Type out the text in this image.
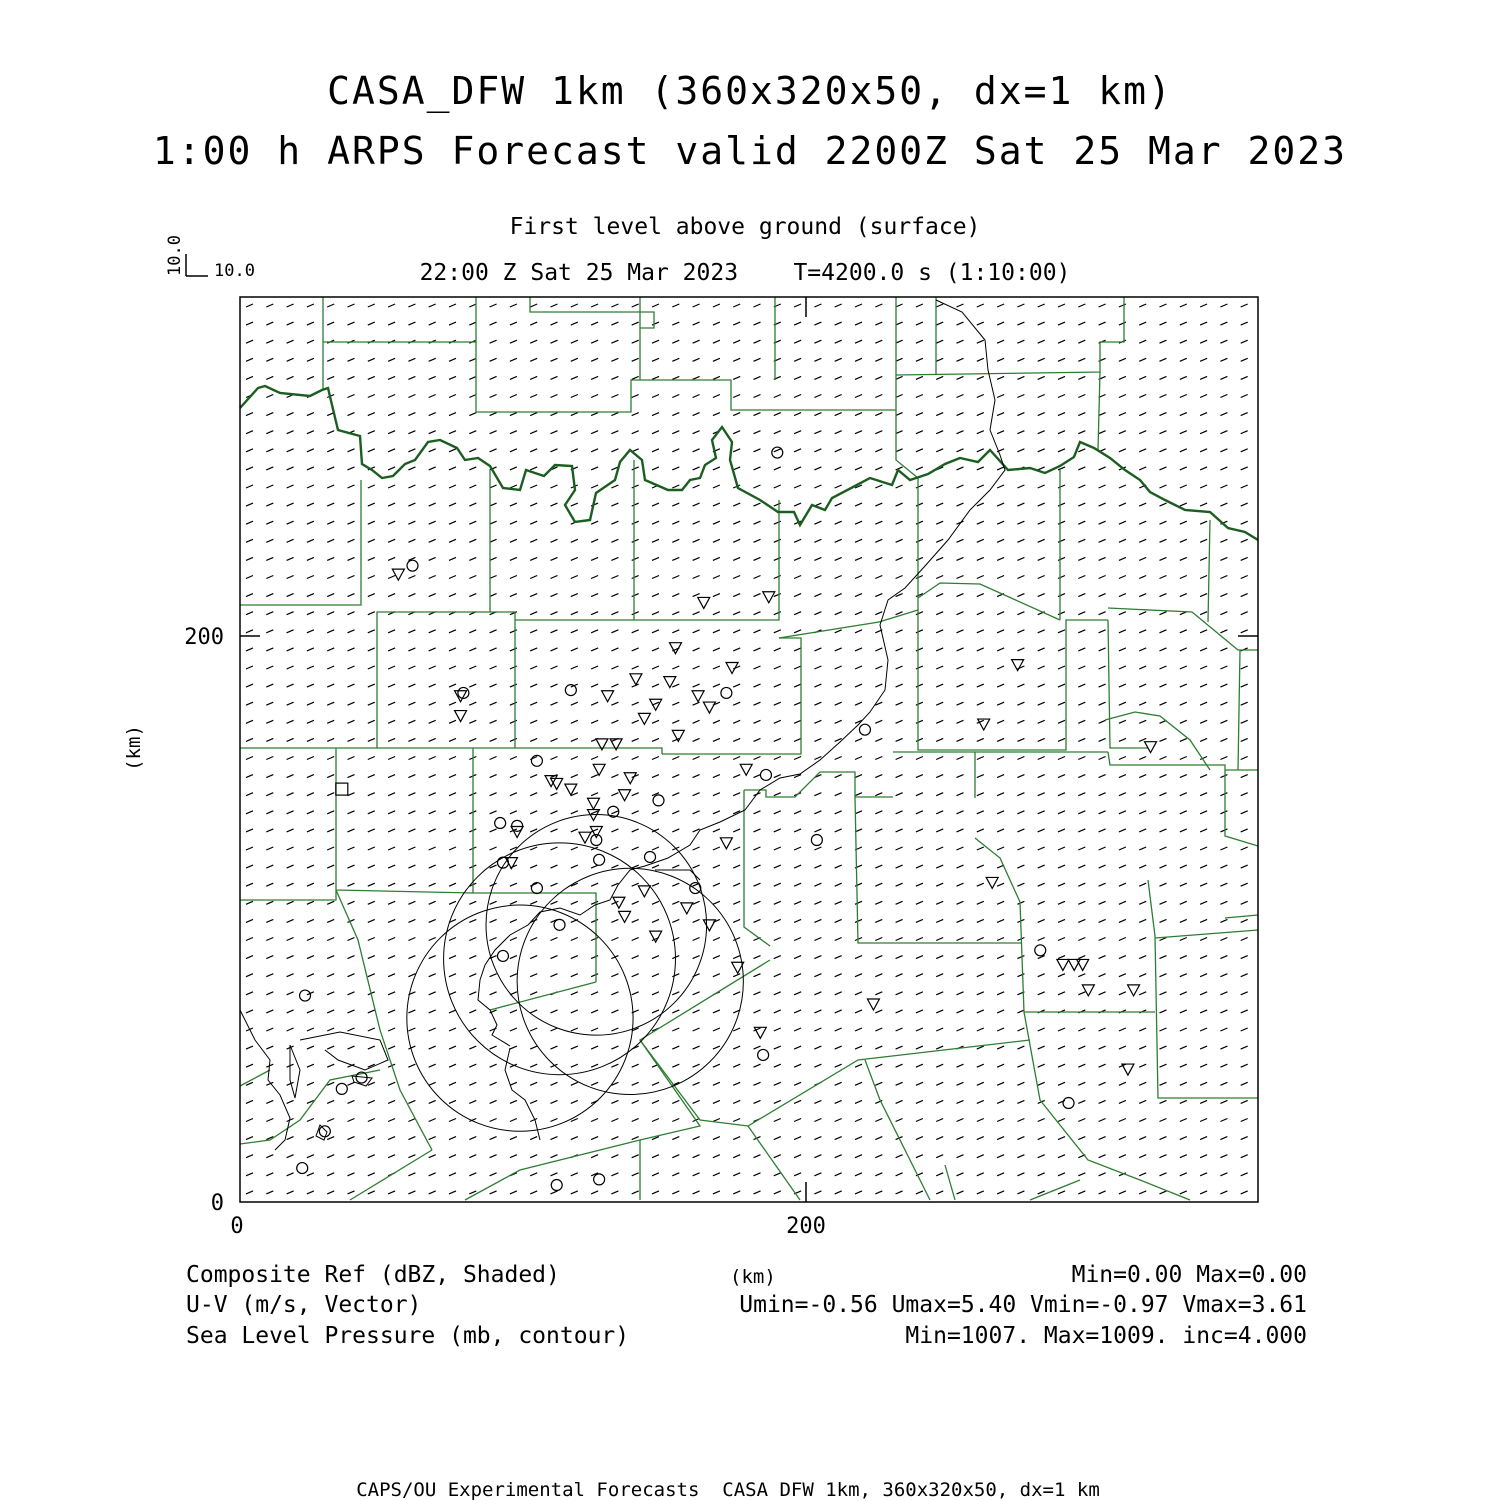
CASA_DFW 1km (360x320x50, dx=1 km)
1:00 h ARPS Forecast valid 2200Z Sat 25 Mar 2023
First level above ground (surface)
22:00 Z Sat 25 Mar 2023    T=4200.0 s (1:10:00)
10.0
10.0
0	200
0
200
(km)
Composite Ref (dBZ, Shaded)	(km)	Min=0.00 Max=0.00
U-V (m/s, Vector)	Umin=-0.56 Umax=5.40 Vmin=-0.97 Vmax=3.61
Sea Level Pressure (mb, contour)	Min=1007. Max=1009. inc=4.000
CAPS/OU Experimental Forecasts  CASA DFW 1km, 360x320x50, dx=1 km
